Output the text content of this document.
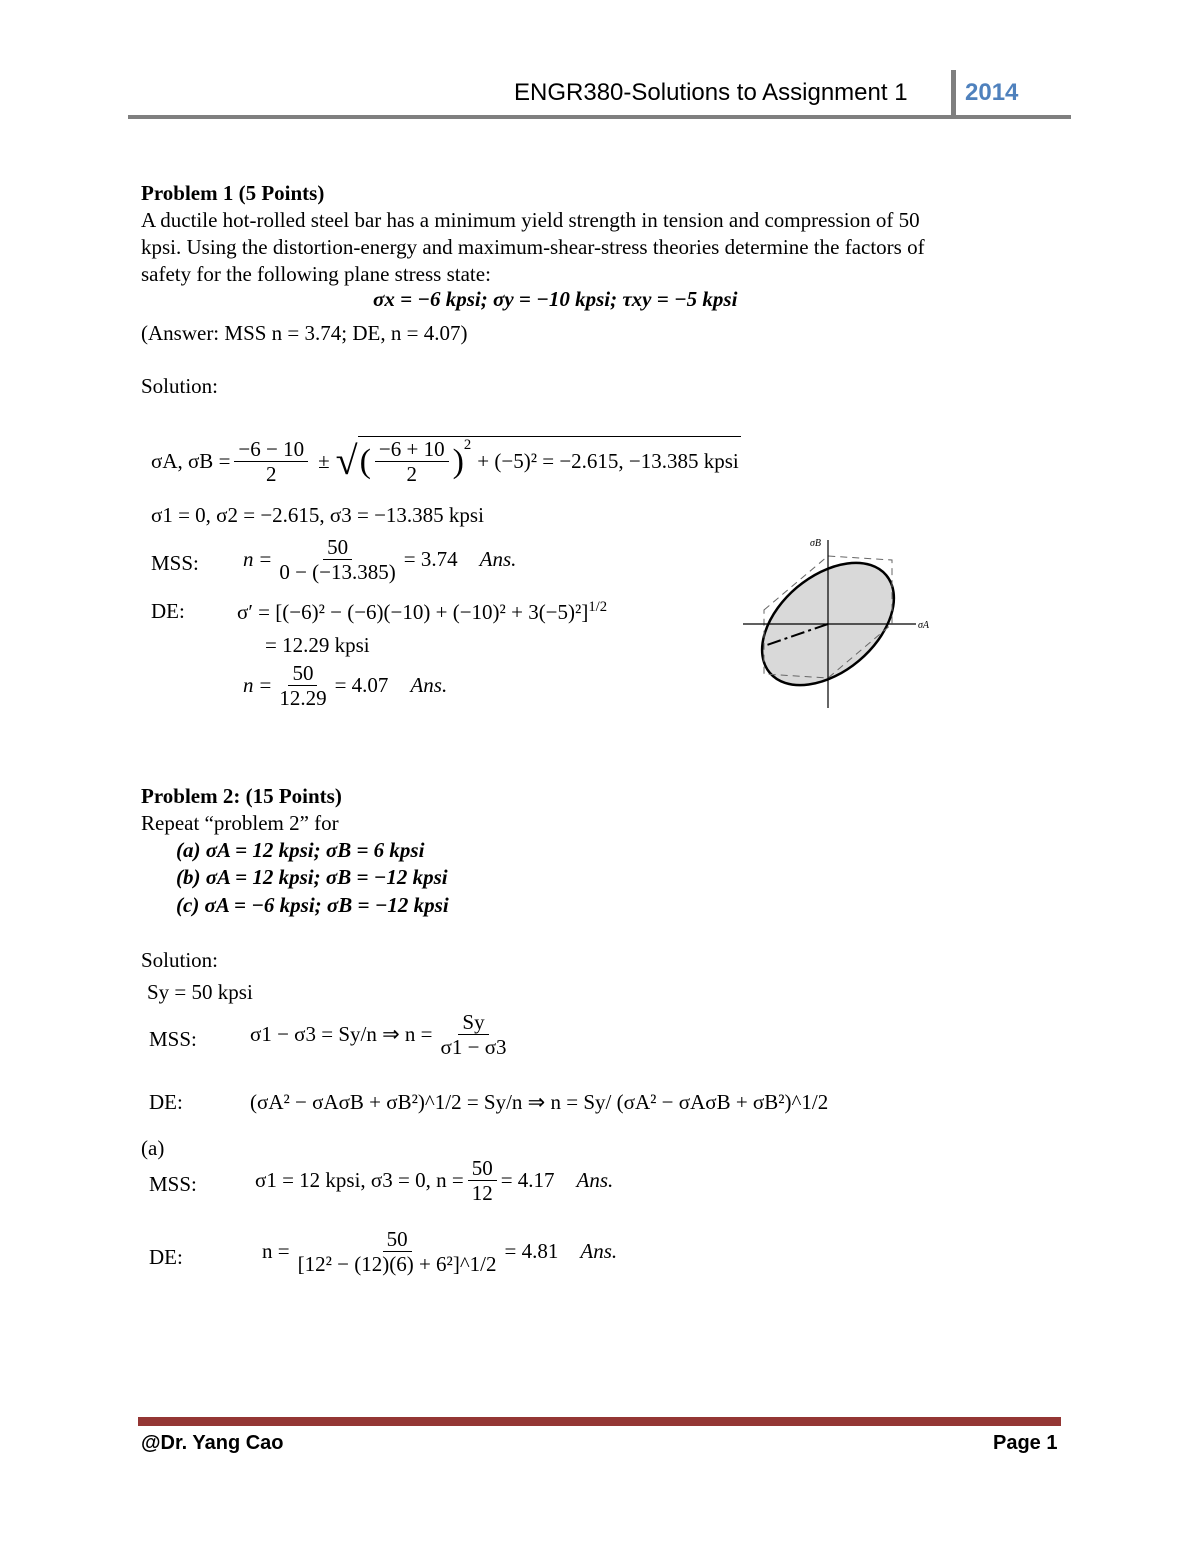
ENGR380-Solutions to Assignment 1 2014
Problem 1 (5 Points)
A ductile hot-rolled steel bar has a minimum yield strength in tension and compression of 50
kpsi. Using the distortion-energy and maximum-shear-stress theories determine the factors of
safety for the following plane stress state:
σx = −6 kpsi; σy = −10 kpsi; τxy = −5 kpsi
(Answer: MSS n = 3.74; DE, n = 4.07)
Solution:
σA, $\sigma B = \frac{-6 - 10}{2}$ ± √ ( $\frac{-6 + 10}{2} )^2$
+ (−5)² = −2.615, −13.385 kpsi
σ1 = 0, σ2 = −2.615, σ3 = −13.385 kpsi
MSS: $n = \frac{50}{0 - (-13.385)} = 3.74$ Ans.
DE: $\sigma' = [(-6)^2 - (-6)(-10) + (-10)^2 + 3(-5)^2]^{1/2}$
= 12.29 kpsi
$n = \frac{50}{12.29} = 4.07$ Ans.
σB
σA
Problem 2: (15 Points)
Repeat “problem 2” for
(a) σA = 12 kpsi; σB = 6 kpsi
(b) σA = 12 kpsi; σB = −12 kpsi
(c) σA = −6 kpsi; σB = −12 kpsi
Solution:
Sy = 50 kpsi
MSS:	σ1 − σ3 = Sy/n ⇒ $n = \frac{Sy}{\sigma 1 - \sigma 3}$
DE:	(σA² − σAσB + σB²)^1/2 = Sy/n ⇒ n = Sy/ (σA² − σAσB + σB²)^1/2
(a)
MSS:	σ1 = 12 kpsi, σ3 = 0, $n = \frac{50}{12} = 4.17$ Ans.
DE:	$n = \frac{50}{\text{[12² − (12)(6) + 6²]\textasciicircum{}1/2}} = 4.81$ Ans.
@Dr. Yang Cao	Page 1
